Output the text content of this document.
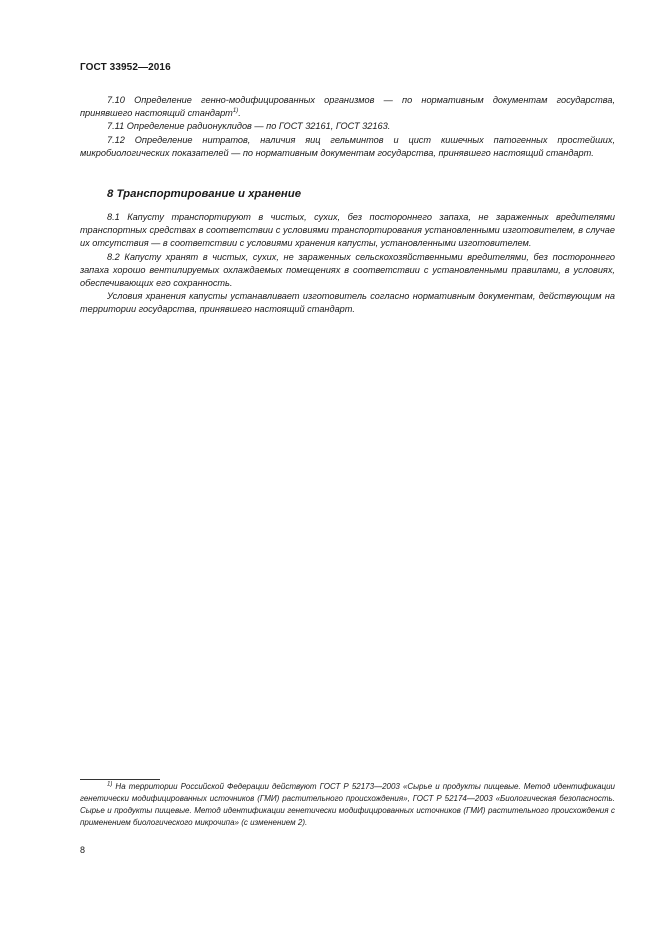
ГОСТ 33952—2016

7.10 Определение генно-модифицированных организмов — по нормативным документам государства, принявшего настоящий стандарт$^{1)}$.

7.11 Определение радионуклидов — по ГОСТ 32161, ГОСТ 32163.

7.12 Определение нитратов, наличия яиц гельминтов и цист кишечных патогенных простейших, микробиологических показателей — по нормативным документам государства, принявшего настоящий стандарт.

8 Транспортирование и хранение

8.1 Капусту транспортируют в чистых, сухих, без постороннего запаха, не зараженных вредителями транспортных средствах в соответствии с условиями транспортирования установленными изготовителем, в случае их отсутствия — в соответствии с условиями хранения капусты, установленными изготовителем.

8.2 Капусту хранят в чистых, сухих, не зараженных сельскохозяйственными вредителями, без постороннего запаха хорошо вентилируемых охлаждаемых помещениях в соответствии с установленными правилами, в условиях, обеспечивающих его сохранность.

Условия хранения капусты устанавливает изготовитель согласно нормативным документам, действующим на территории государства, принявшего настоящий стандарт.

$^{1)}$ На территории Российской Федерации действуют ГОСТ Р 52173—2003 «Сырье и продукты пищевые. Метод идентификации генетически модифицированных источников (ГМИ) растительного происхождения», ГОСТ Р 52174—2003 «Биологическая безопасность. Сырье и продукты пищевые. Метод идентификации генетически модифицированных источников (ГМИ) растительного происхождения с применением биологического микрочипа» (с изменением 2).

8
